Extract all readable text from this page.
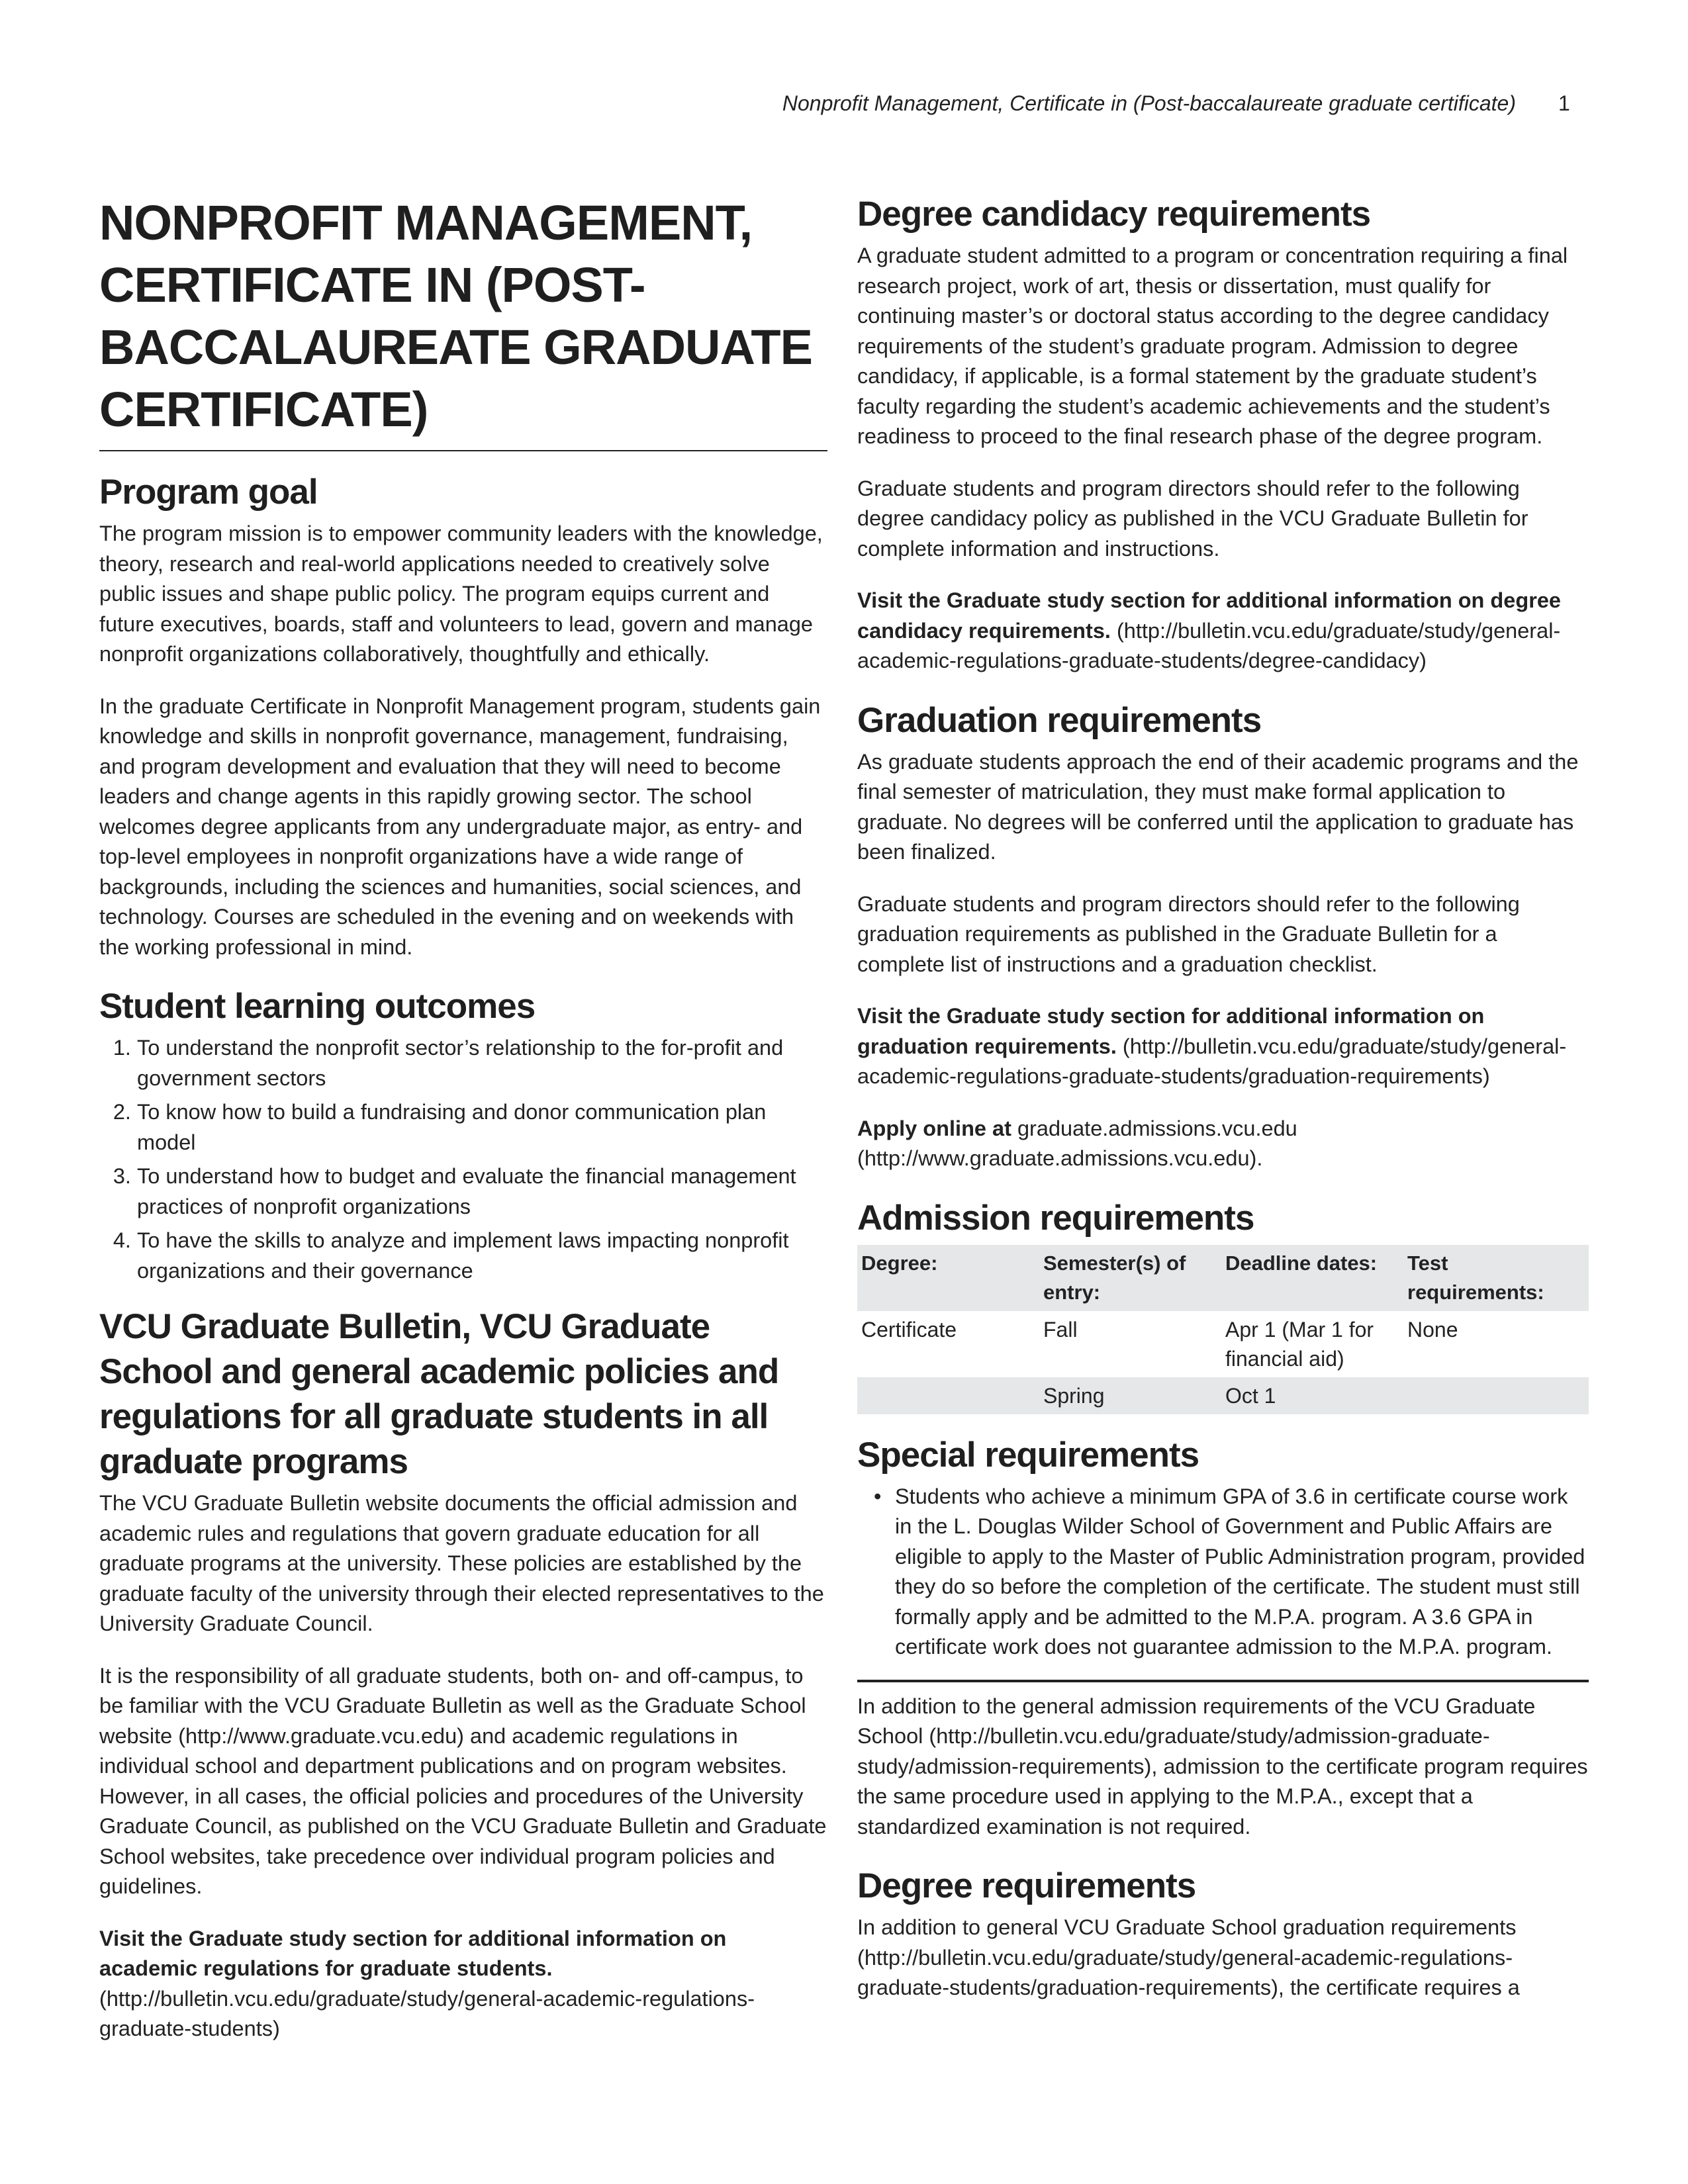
Nonprofit Management, Certificate in (Post-baccalaureate graduate certificate) 1
NONPROFIT MANAGEMENT,
CERTIFICATE IN (POST-
BACCALAUREATE GRADUATE
CERTIFICATE)
Program goal

The program mission is to empower community leaders with the knowledge, theory, research and real-world applications needed to creatively solve public issues and shape public policy. The program equips current and future executives, boards, staff and volunteers to lead, govern and manage nonprofit organizations collaboratively, thoughtfully and ethically.

In the graduate Certificate in Nonprofit Management program, students gain knowledge and skills in nonprofit governance, management, fundraising, and program development and evaluation that they will need to become leaders and change agents in this rapidly growing sector. The school welcomes degree applicants from any undergraduate major, as entry- and top-level employees in nonprofit organizations have a wide range of backgrounds, including the sciences and humanities, social sciences, and technology. Courses are scheduled in the evening and on weekends with the working professional in mind.

Student learning outcomes
1. To understand the nonprofit sector’s relationship to the for-profit and government sectors
2. To know how to build a fundraising and donor communication plan model
3. To understand how to budget and evaluate the financial management practices of nonprofit organizations
4. To have the skills to analyze and implement laws impacting nonprofit organizations and their governance
VCU Graduate Bulletin, VCU Graduate School and general academic policies and regulations for all graduate students in all graduate programs

The VCU Graduate Bulletin website documents the official admission and academic rules and regulations that govern graduate education for all graduate programs at the university. These policies are established by the graduate faculty of the university through their elected representatives to the University Graduate Council.

It is the responsibility of all graduate students, both on- and off-campus, to be familiar with the VCU Graduate Bulletin as well as the Graduate School website (http://www.graduate.vcu.edu) and academic regulations in individual school and department publications and on program websites. However, in all cases, the official policies and procedures of the University Graduate Council, as published on the VCU Graduate Bulletin and Graduate School websites, take precedence over individual program policies and guidelines.

Visit the Graduate study section for additional information on academic regulations for graduate students. (http://bulletin.vcu.edu/graduate/study/general-academic-regulations-graduate-students)

Degree candidacy requirements

A graduate student admitted to a program or concentration requiring a final research project, work of art, thesis or dissertation, must qualify for continuing master’s or doctoral status according to the degree candidacy requirements of the student’s graduate program. Admission to degree candidacy, if applicable, is a formal statement by the graduate student’s faculty regarding the student’s academic achievements and the student’s readiness to proceed to the final research phase of the degree program.

Graduate students and program directors should refer to the following degree candidacy policy as published in the VCU Graduate Bulletin for complete information and instructions.

Visit the Graduate study section for additional information on degree candidacy requirements. (http://bulletin.vcu.edu/graduate/study/general-academic-regulations-graduate-students/degree-candidacy)

Graduation requirements

As graduate students approach the end of their academic programs and the final semester of matriculation, they must make formal application to graduate. No degrees will be conferred until the application to graduate has been finalized.

Graduate students and program directors should refer to the following graduation requirements as published in the Graduate Bulletin for a complete list of instructions and a graduation checklist.

Visit the Graduate study section for additional information on graduation requirements. (http://bulletin.vcu.edu/graduate/study/general-academic-regulations-graduate-students/graduation-requirements)

Apply online at graduate.admissions.vcu.edu (http://www.graduate.admissions.vcu.edu).

Admission requirements
Degree:	Semester(s) of entry:	Deadline dates:	Test requirements:
Certificate	Fall	Apr 1 (Mar 1 for financial aid)	None
	Spring	Oct 1	
Special requirements
• Students who achieve a minimum GPA of 3.6 in certificate course work in the L. Douglas Wilder School of Government and Public Affairs are eligible to apply to the Master of Public Administration program, provided they do so before the completion of the certificate. The student must still formally apply and be admitted to the M.P.A. program. A 3.6 GPA in certificate work does not guarantee admission to the M.P.A. program.

In addition to the general admission requirements of the VCU Graduate School (http://bulletin.vcu.edu/graduate/study/admission-graduate-study/admission-requirements), admission to the certificate program requires the same procedure used in applying to the M.P.A., except that a standardized examination is not required.

Degree requirements

In addition to general VCU Graduate School graduation requirements (http://bulletin.vcu.edu/graduate/study/general-academic-regulations-graduate-students/graduation-requirements), the certificate requires a
